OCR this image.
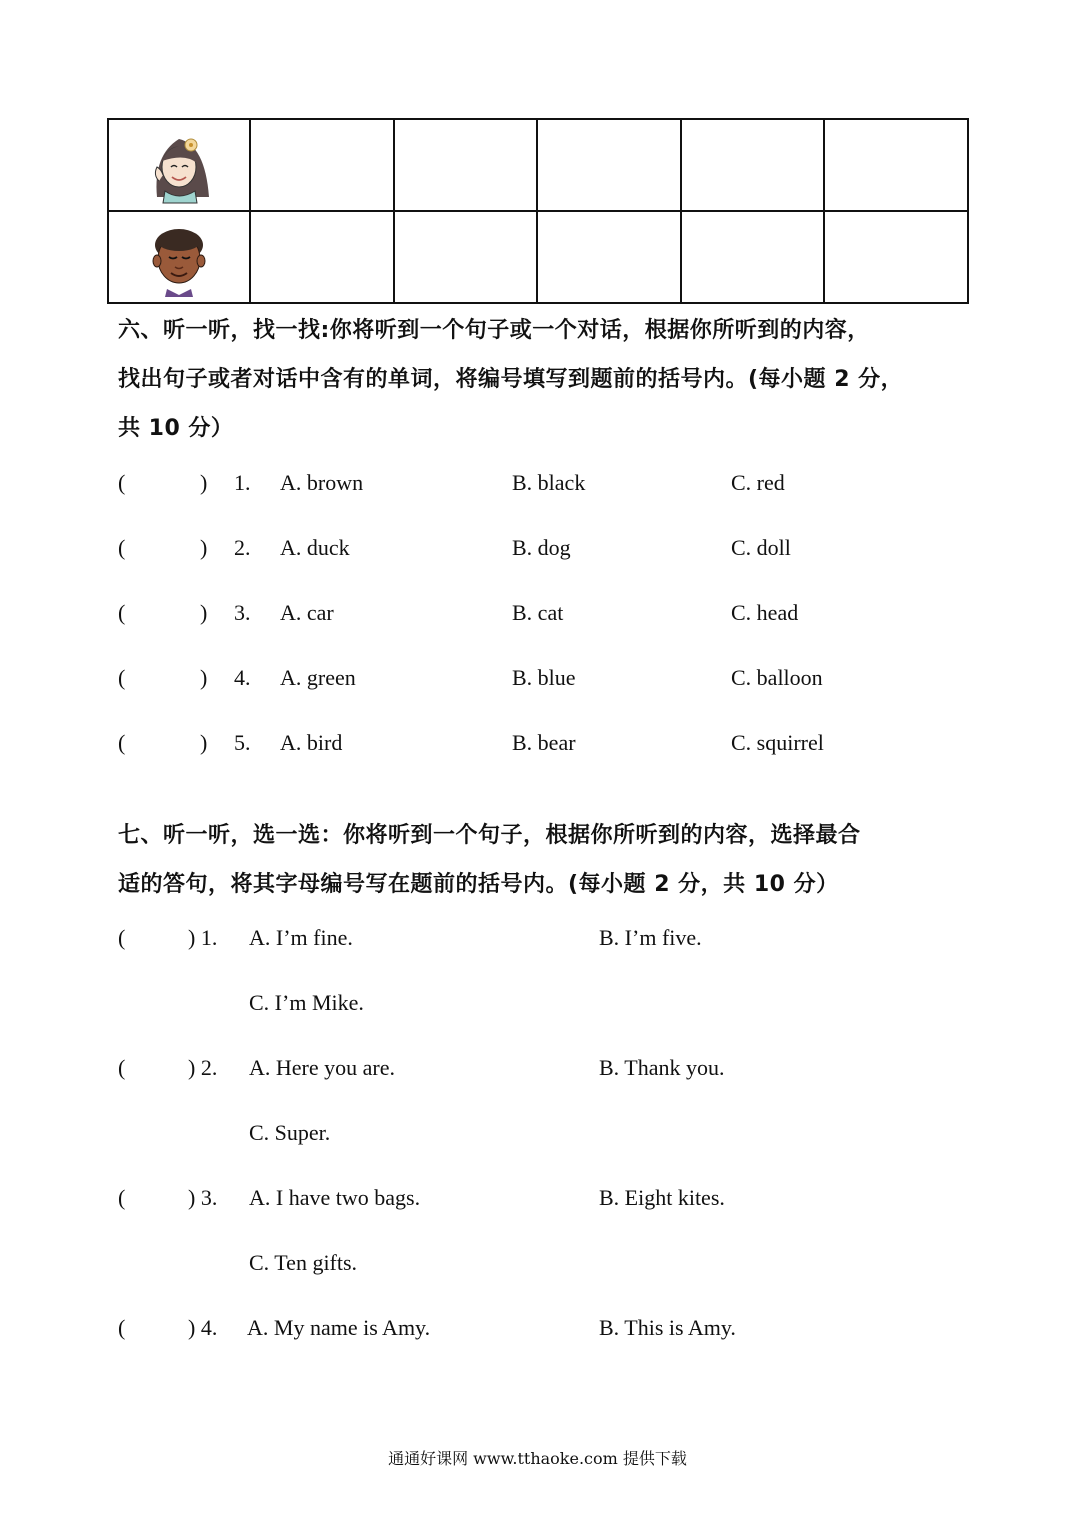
六、听一听，找一找:你将听到一个句子或一个对话，根据你所听到的内容，
找出句子或者对话中含有的单词，将编号填写到题前的括号内。(每小题 2 分，
共 10 分）
(	) 1. A. brown	B. black	C. red
(	) 2. A. duck	B. dog	C. doll
(	) 3. A. car	B. cat	C. head
(	) 4. A. green	B. blue	C. balloon
(	) 5. A. bird	B. bear	C. squirrel
七、听一听，选一选：你将听到一个句子，根据你所听到的内容，选择最合
适的答句，将其字母编号写在题前的括号内。(每小题 2 分，共 10 分）
(	) 1. A. I’m fine.	B. I’m five.
C. I’m Mike.
(	) 2. A. Here you are.	B. Thank you.
C. Super.
(	) 3. A. I have two bags.	B. Eight kites.
C. Ten gifts.
(	) 4. A. My name is Amy.	B. This is Amy.
通通好课网 www.tthaoke.com 提供下载
